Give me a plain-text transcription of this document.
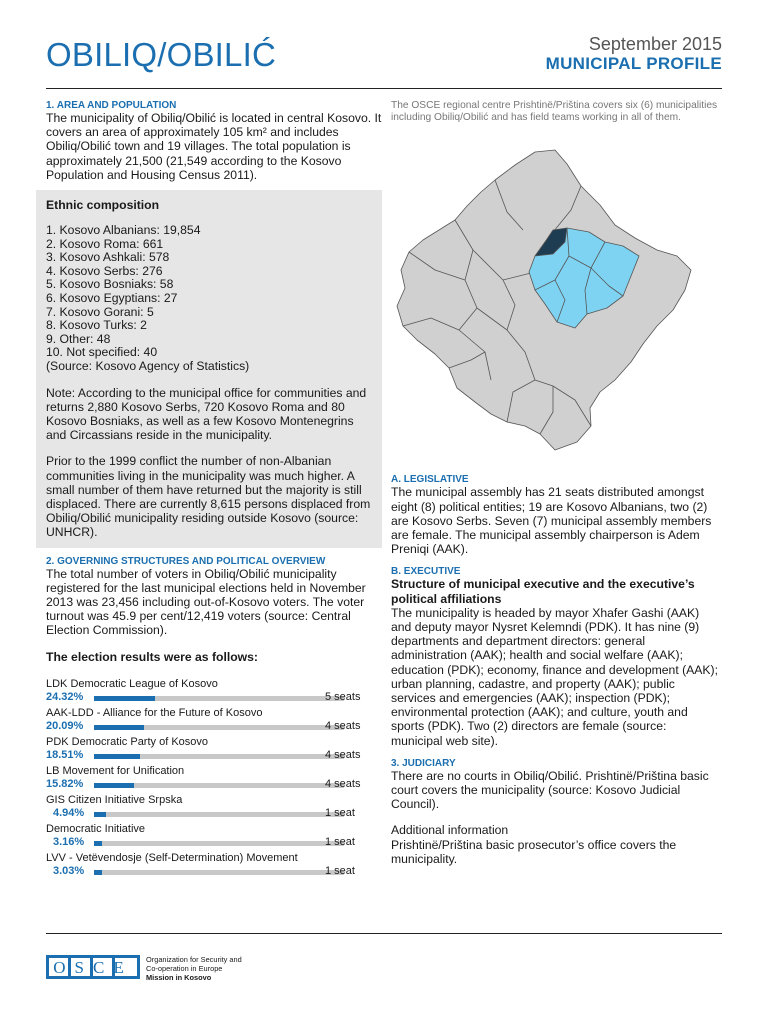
OBILIQ/OBILIĆ	September 2015
MUNICIPAL PROFILE
1. AREA AND POPULATION
The municipality of Obiliq/Obilić is located in central Kosovo. It covers an area of approximately 105 km² and includes Obiliq/Obilić town and 19 villages. The total population is approximately 21,500 (21,549 according to the Kosovo Population and Housing Census 2011).
Ethnic composition
1. Kosovo Albanians: 19,854
2. Kosovo Roma: 661
3. Kosovo Ashkali: 578
4. Kosovo Serbs: 276
5. Kosovo Bosniaks: 58
6. Kosovo Egyptians: 27
7. Kosovo Gorani: 5
8. Kosovo Turks: 2
9. Other: 48
10. Not specified: 40
(Source: Kosovo Agency of Statistics)
Note: According to the municipal office for communities and returns 2,880 Kosovo Serbs, 720 Kosovo Roma and 80 Kosovo Bosniaks, as well as a few Kosovo Montenegrins and Circassians reside in the municipality.
Prior to the 1999 conflict the number of non-Albanian communities living in the municipality was much higher. A small number of them have returned but the majority is still displaced. There are currently 8,615 persons displaced from Obiliq/Obilić municipality residing outside Kosovo (source: UNHCR).
2. GOVERNING STRUCTURES AND POLITICAL OVERVIEW
The total number of voters in Obiliq/Obilić municipality registered for the last municipal elections held in November 2013 was 23,456 including out-of-Kosovo voters. The voter turnout was 45.9 per cent/12,419 voters (source: Central Election Commission).
The election results were as follows:
LDK Democratic League of Kosovo
24.32%	5 seats
AAK-LDD - Alliance for the Future of Kosovo
20.09%	4 seats
PDK Democratic Party of Kosovo
18.51%	4 seats
LB Movement for Unification
15.82%	4 seats
GIS Citizen Initiative Srpska
4.94%	1 seat
Democratic Initiative
3.16%	1 seat
LVV - Vetëvendosje (Self-Determination) Movement
3.03%	1 seat
The OSCE regional centre Prishtinë/Priština covers six (6) municipalities including Obiliq/Obilić and has field teams working in all of them.
A. LEGISLATIVE
The municipal assembly has 21 seats distributed amongst eight (8) political entities; 19 are Kosovo Albanians, two (2) are Kosovo Serbs. Seven (7) municipal assembly members are female. The municipal assembly chairperson is Adem Preniqi (AAK).
B. EXECUTIVE
Structure of municipal executive and the executive’s political affiliations
The municipality is headed by mayor Xhafer Gashi (AAK) and deputy mayor Nysret Kelemndi (PDK). It has nine (9) departments and department directors: general administration (AAK); health and social welfare (AAK); education (PDK); economy, finance and development (AAK); urban planning, cadastre, and property (AAK); public services and emergencies (AAK); inspection (PDK); environmental protection (AAK); and culture, youth and sports (PDK). Two (2) directors are female (source: municipal web site).
3. JUDICIARY
There are no courts in Obiliq/Obilić. Prishtinë/Priština basic court covers the municipality (source: Kosovo Judicial Council).
Additional information
Prishtinë/Priština basic prosecutor’s office covers the municipality.
OSCE Organization for Security and
Co-operation in Europe
Mission in Kosovo
